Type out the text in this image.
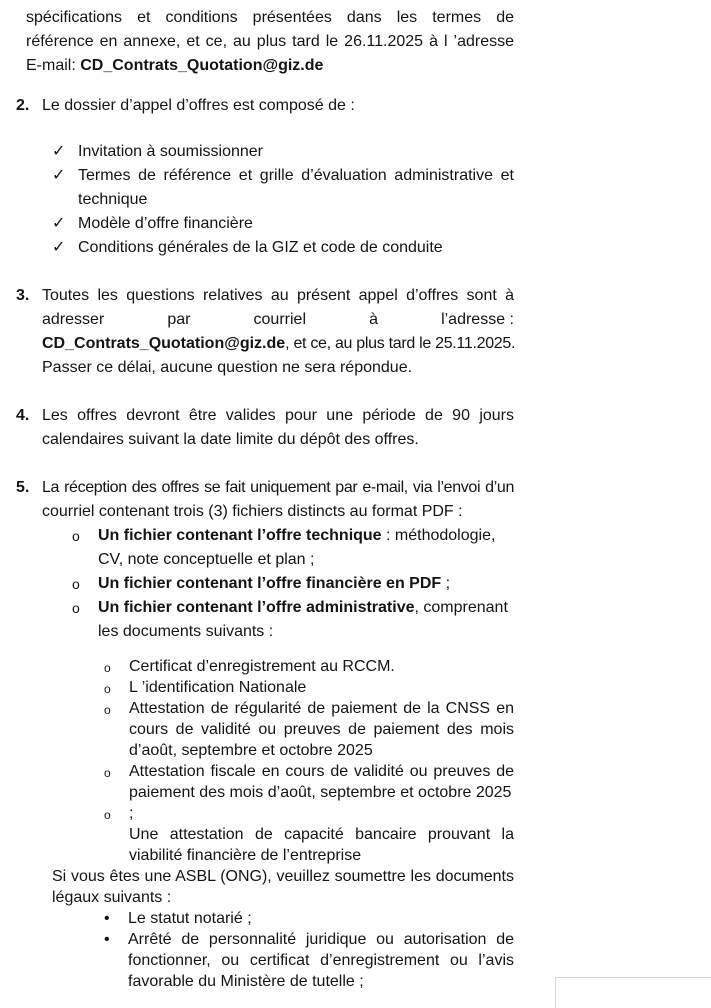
spécifications et conditions présentées dans les termes de
référence en annexe, et ce, au plus tard le 26.11.2025 à l ’adresse
E-mail: CD_Contrats_Quotation@giz.de
2. Le dossier d’appel d’offres est composé de :
✓ Invitation à soumissionner
✓ Termes de référence et grille d’évaluation administrative et
technique
✓ Modèle d’offre financière
✓ Conditions générales de la GIZ et code de conduite
3. Toutes les questions relatives au présent appel d’offres sont à
adresser	par	courriel	à	l’adresse :
CD_Contrats_Quotation@giz.de, et ce, au plus tard le 25.11.2025.
Passer ce délai, aucune question ne sera répondue.
4. Les offres devront être valides pour une période de 90 jours
calendaires suivant la date limite du dépôt des offres.
5. La réception des offres se fait uniquement par e-mail, via l’envoi d’un
courriel contenant trois (3) fichiers distincts au format PDF :
o Un fichier contenant l’offre technique : méthodologie,
CV, note conceptuelle et plan ;
o Un fichier contenant l’offre financière en PDF ;
o Un fichier contenant l’offre administrative, comprenant
les documents suivants :
o
o
o
o
o
Certificat d’enregistrement au RCCM.
L ’identification Nationale
Attestation de régularité de paiement de la CNSS en
cours de validité ou preuves de paiement des mois
d’août, septembre et octobre 2025
Attestation fiscale en cours de validité ou preuves de
paiement des mois d’août, septembre et octobre 2025 ;
Une attestation de capacité bancaire prouvant la
viabilité financière de l’entreprise
Si vous êtes une ASBL (ONG), veuillez soumettre les documents
légaux suivants :
•
•
Le statut notarié ;
Arrêté de personnalité juridique ou autorisation de
fonctionner, ou certificat d’enregistrement ou l’avis
favorable du Ministère de tutelle ;
